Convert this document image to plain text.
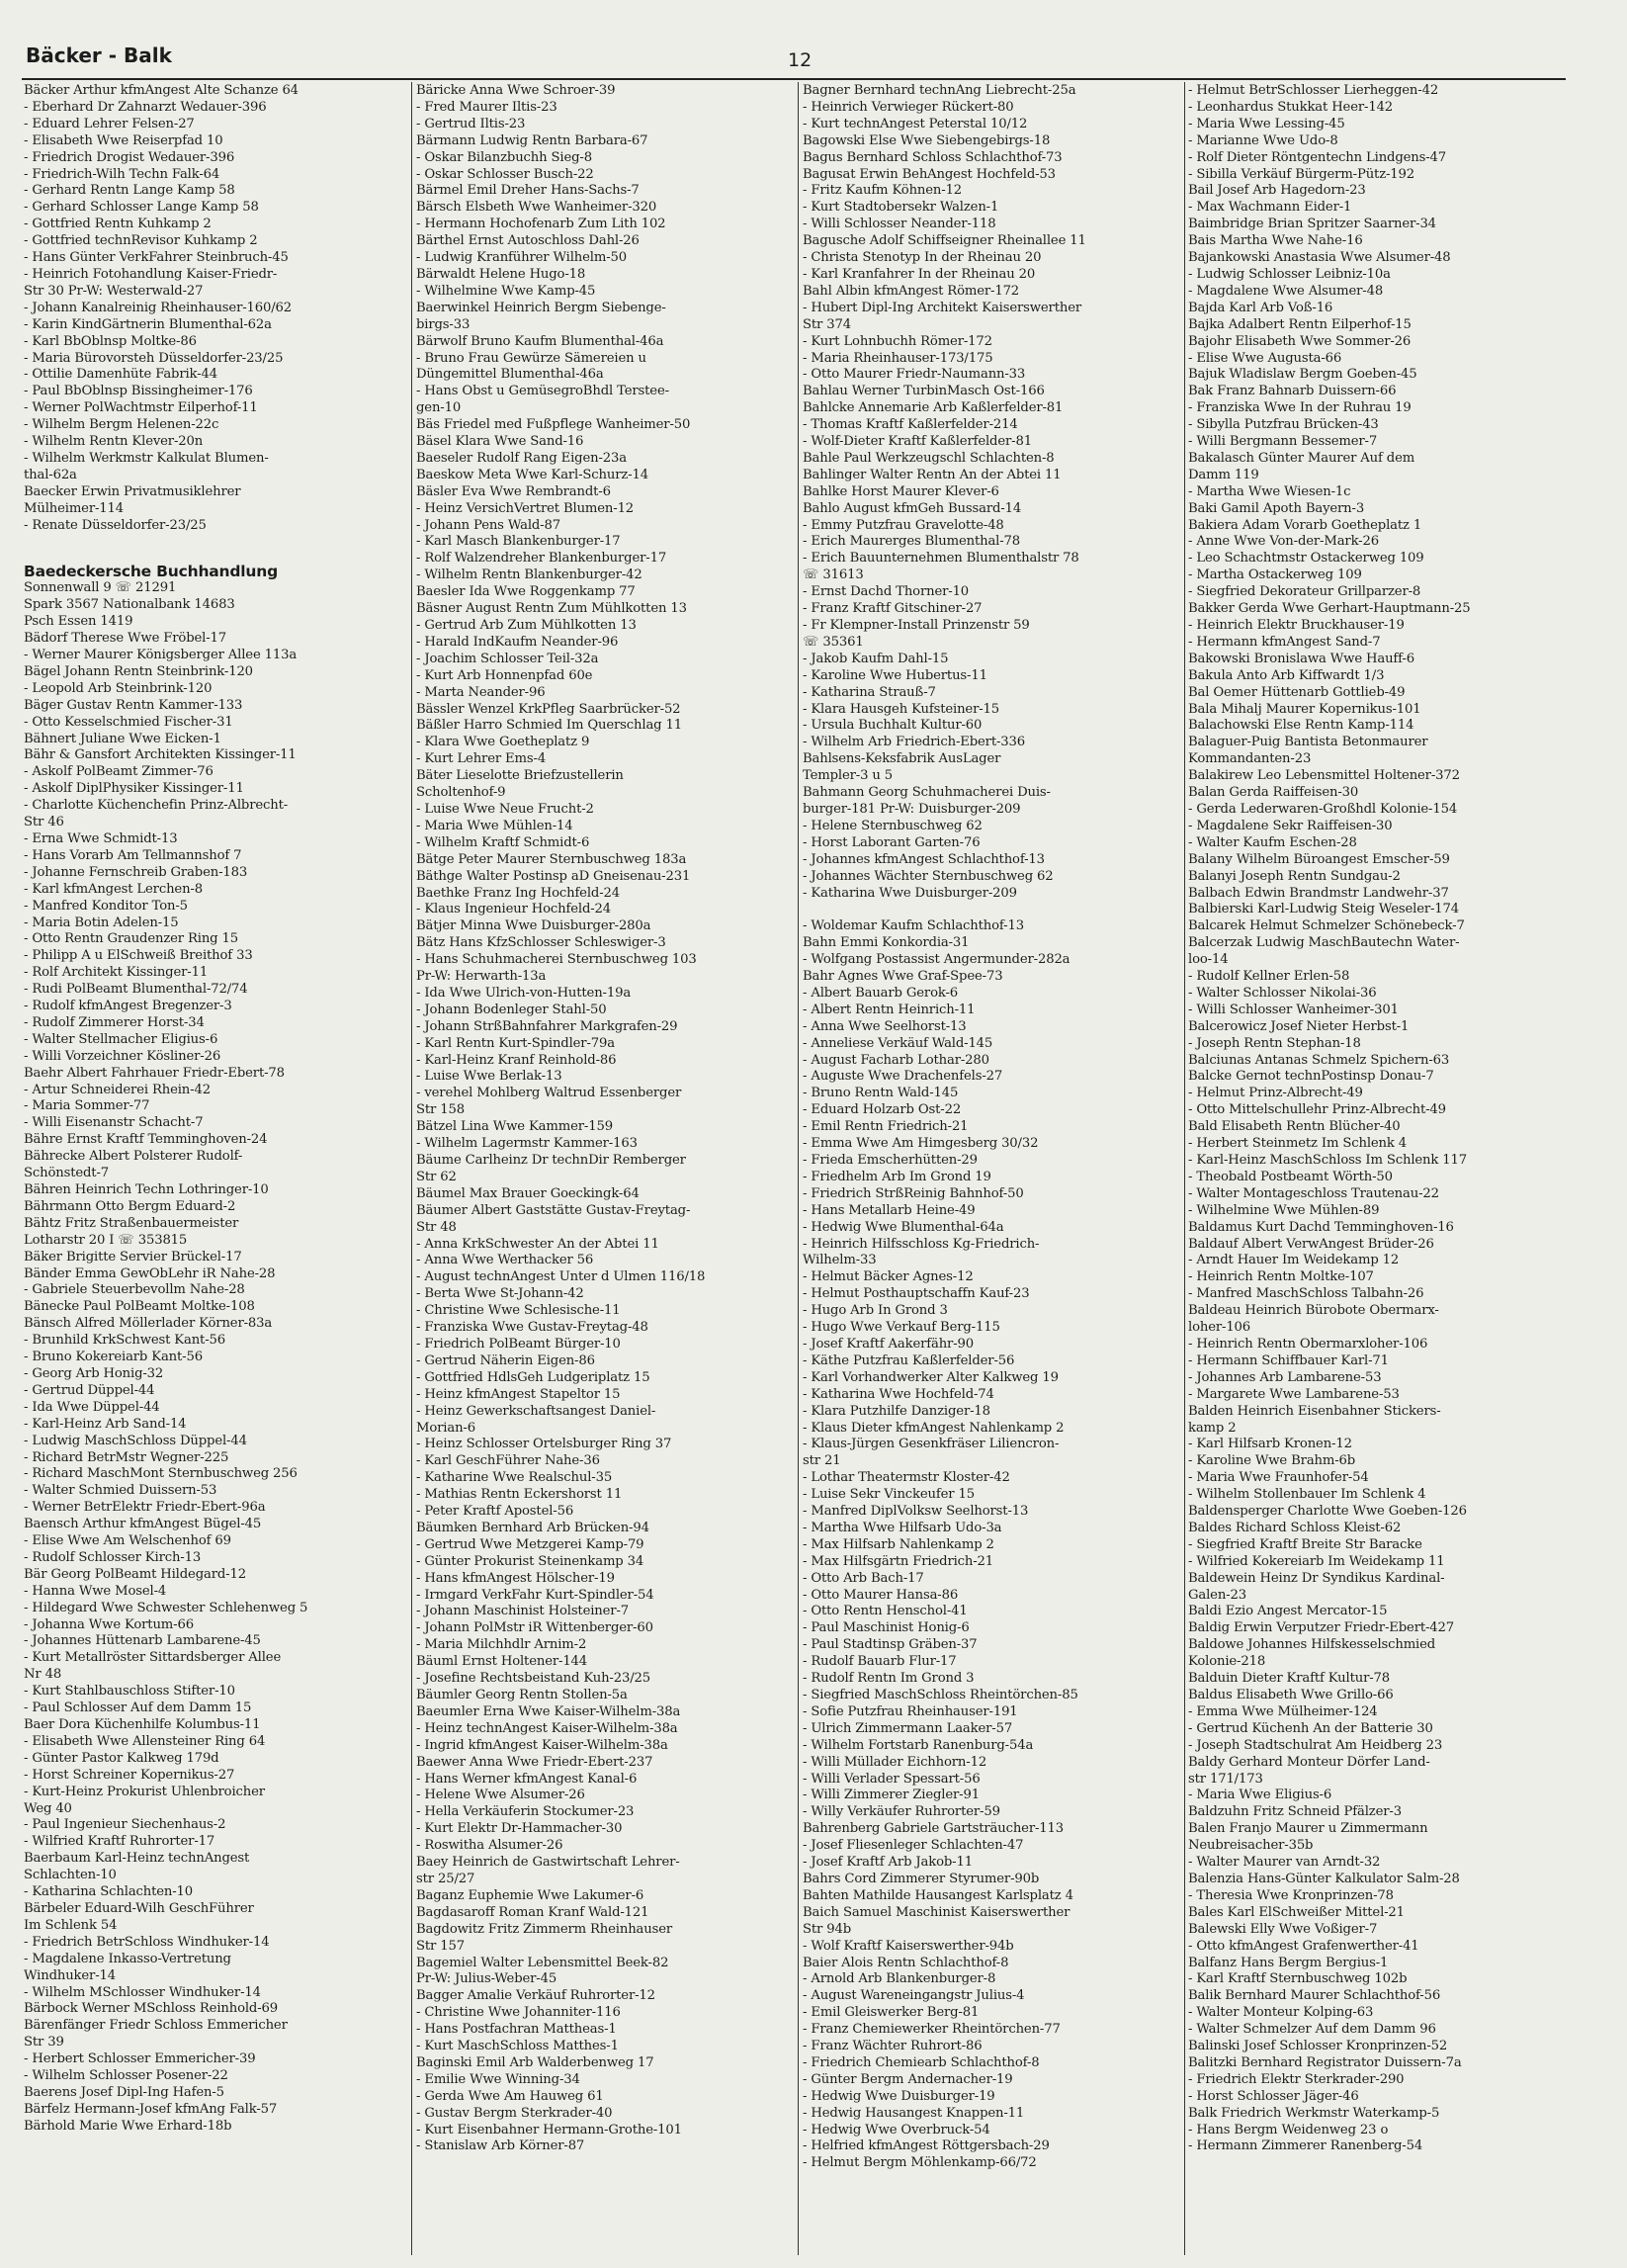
Bäcker - Balk	12
Bäcker Arthur kfmAngest Alte Schanze 64
- Eberhard Dr Zahnarzt Wedauer-396
- Eduard Lehrer Felsen-27
- Elisabeth Wwe Reiserpfad 10
- Friedrich Drogist Wedauer-396
- Friedrich-Wilh Techn Falk-64
- Gerhard Rentn Lange Kamp 58
- Gerhard Schlosser Lange Kamp 58
- Gottfried Rentn Kuhkamp 2
- Gottfried technRevisor Kuhkamp 2
- Hans Günter VerkFahrer Steinbruch-45
- Heinrich Fotohandlung Kaiser-Friedr-
Str 30 Pr-W: Westerwald-27
- Johann Kanalreinig Rheinhauser-160/62
- Karin KindGärtnerin Blumenthal-62a
- Karl BbOblnsp Moltke-86
- Maria Bürovorsteh Düsseldorfer-23/25
- Ottilie Damenhüte Fabrik-44
- Paul BbOblnsp Bissingheimer-176
- Werner PolWachtmstr Eilperhof-11
- Wilhelm Bergm Helenen-22c
- Wilhelm Rentn Klever-20n
- Wilhelm Werkmstr Kalkulat Blumen-
thal-62a
Baecker Erwin Privatmusiklehrer
Mülheimer-114
- Renate Düsseldorfer-23/25
Baedeckersche Buchhandlung
Sonnenwall 9 ☏ 21291
Spark 3567 Nationalbank 14683
Psch Essen 1419
Bädorf Therese Wwe Fröbel-17
- Werner Maurer Königsberger Allee 113a
Bägel Johann Rentn Steinbrink-120
- Leopold Arb Steinbrink-120
Bäger Gustav Rentn Kammer-133
- Otto Kesselschmied Fischer-31
Bähnert Juliane Wwe Eicken-1
Bähr & Gansfort Architekten Kissinger-11
- Askolf PolBeamt Zimmer-76
- Askolf DiplPhysiker Kissinger-11
- Charlotte Küchenchefin Prinz-Albrecht-
Str 46
- Erna Wwe Schmidt-13
- Hans Vorarb Am Tellmannshof 7
- Johanne Fernschreib Graben-183
- Karl kfmAngest Lerchen-8
- Manfred Konditor Ton-5
- Maria Botin Adelen-15
- Otto Rentn Graudenzer Ring 15
- Philipp A u ElSchweiß Breithof 33
- Rolf Architekt Kissinger-11
- Rudi PolBeamt Blumenthal-72/74
- Rudolf kfmAngest Bregenzer-3
- Rudolf Zimmerer Horst-34
- Walter Stellmacher Eligius-6
- Willi Vorzeichner Kösliner-26
Baehr Albert Fahrhauer Friedr-Ebert-78
- Artur Schneiderei Rhein-42
- Maria Sommer-77
- Willi Eisenanstr Schacht-7
Bähre Ernst Kraftf Temminghoven-24
Bährecke Albert Polsterer Rudolf-
Schönstedt-7
Bähren Heinrich Techn Lothringer-10
Bährmann Otto Bergm Eduard-2
Bähtz Fritz Straßenbauermeister
Lotharstr 20 I ☏ 353815
Bäker Brigitte Servier Brückel-17
Bänder Emma GewObLehr iR Nahe-28
- Gabriele Steuerbevollm Nahe-28
Bänecke Paul PolBeamt Moltke-108
Bänsch Alfred Möllerlader Körner-83a
- Brunhild KrkSchwest Kant-56
- Bruno Kokereiarb Kant-56
- Georg Arb Honig-32
- Gertrud Düppel-44
- Ida Wwe Düppel-44
- Karl-Heinz Arb Sand-14
- Ludwig MaschSchloss Düppel-44
- Richard BetrMstr Wegner-225
- Richard MaschMont Sternbuschweg 256
- Walter Schmied Duissern-53
- Werner BetrElektr Friedr-Ebert-96a
Baensch Arthur kfmAngest Bügel-45
- Elise Wwe Am Welschenhof 69
- Rudolf Schlosser Kirch-13
Bär Georg PolBeamt Hildegard-12
- Hanna Wwe Mosel-4
- Hildegard Wwe Schwester Schlehenweg 5
- Johanna Wwe Kortum-66
- Johannes Hüttenarb Lambarene-45
- Kurt Metallröster Sittardsberger Allee
Nr 48
- Kurt Stahlbauschloss Stifter-10
- Paul Schlosser Auf dem Damm 15
Baer Dora Küchenhilfe Kolumbus-11
- Elisabeth Wwe Allensteiner Ring 64
- Günter Pastor Kalkweg 179d
- Horst Schreiner Kopernikus-27
- Kurt-Heinz Prokurist Uhlenbroicher
Weg 40
- Paul Ingenieur Siechenhaus-2
- Wilfried Kraftf Ruhrorter-17
Baerbaum Karl-Heinz technAngest
Schlachten-10
- Katharina Schlachten-10
Bärbeler Eduard-Wilh GeschFührer
Im Schlenk 54
- Friedrich BetrSchloss Windhuker-14
- Magdalene Inkasso-Vertretung
Windhuker-14
- Wilhelm MSchlosser Windhuker-14
Bärbock Werner MSchloss Reinhold-69
Bärenfänger Friedr Schloss Emmericher
Str 39
- Herbert Schlosser Emmericher-39
- Wilhelm Schlosser Posener-22
Baerens Josef Dipl-Ing Hafen-5
Bärfelz Hermann-Josef kfmAng Falk-57
Bärhold Marie Wwe Erhard-18b
Bäricke Anna Wwe Schroer-39
- Fred Maurer Iltis-23
- Gertrud Iltis-23
Bärmann Ludwig Rentn Barbara-67
- Oskar Bilanzbuchh Sieg-8
- Oskar Schlosser Busch-22
Bärmel Emil Dreher Hans-Sachs-7
Bärsch Elsbeth Wwe Wanheimer-320
- Hermann Hochofenarb Zum Lith 102
Bärthel Ernst Autoschloss Dahl-26
- Ludwig Kranführer Wilhelm-50
Bärwaldt Helene Hugo-18
- Wilhelmine Wwe Kamp-45
Baerwinkel Heinrich Bergm Siebenge-
birgs-33
Bärwolf Bruno Kaufm Blumenthal-46a
- Bruno Frau Gewürze Sämereien u
Düngemittel Blumenthal-46a
- Hans Obst u GemüsegroBhdl Terstee-
gen-10
Bäs Friedel med Fußpflege Wanheimer-50
Bäsel Klara Wwe Sand-16
Baeseler Rudolf Rang Eigen-23a
Baeskow Meta Wwe Karl-Schurz-14
Bäsler Eva Wwe Rembrandt-6
- Heinz VersichVertret Blumen-12
- Johann Pens Wald-87
- Karl Masch Blankenburger-17
- Rolf Walzendreher Blankenburger-17
- Wilhelm Rentn Blankenburger-42
Baesler Ida Wwe Roggenkamp 77
Bäsner August Rentn Zum Mühlkotten 13
- Gertrud Arb Zum Mühlkotten 13
- Harald IndKaufm Neander-96
- Joachim Schlosser Teil-32a
- Kurt Arb Honnenpfad 60e
- Marta Neander-96
Bässler Wenzel KrkPfleg Saarbrücker-52
Bäßler Harro Schmied Im Querschlag 11
- Klara Wwe Goetheplatz 9
- Kurt Lehrer Ems-4
Bäter Lieselotte Briefzustellerin
Scholtenhof-9
- Luise Wwe Neue Frucht-2
- Maria Wwe Mühlen-14
- Wilhelm Kraftf Schmidt-6
Bätge Peter Maurer Sternbuschweg 183a
Bäthge Walter Postinsp aD Gneisenau-231
Baethke Franz Ing Hochfeld-24
- Klaus Ingenieur Hochfeld-24
Bätjer Minna Wwe Duisburger-280a
Bätz Hans KfzSchlosser Schleswiger-3
- Hans Schuhmacherei Sternbuschweg 103
Pr-W: Herwarth-13a
- Ida Wwe Ulrich-von-Hutten-19a
- Johann Bodenleger Stahl-50
- Johann StrßBahnfahrer Markgrafen-29
- Karl Rentn Kurt-Spindler-79a
- Karl-Heinz Kranf Reinhold-86
- Luise Wwe Berlak-13
- verehel Mohlberg Waltrud Essenberger
Str 158
Bätzel Lina Wwe Kammer-159
- Wilhelm Lagermstr Kammer-163
Bäume Carlheinz Dr technDir Remberger
Str 62
Bäumel Max Brauer Goeckingk-64
Bäumer Albert Gaststätte Gustav-Freytag-
Str 48
- Anna KrkSchwester An der Abtei 11
- Anna Wwe Werthacker 56
- August technAngest Unter d Ulmen 116/18
- Berta Wwe St-Johann-42
- Christine Wwe Schlesische-11
- Franziska Wwe Gustav-Freytag-48
- Friedrich PolBeamt Bürger-10
- Gertrud Näherin Eigen-86
- Gottfried HdlsGeh Ludgeriplatz 15
- Heinz kfmAngest Stapeltor 15
- Heinz Gewerkschaftsangest Daniel-
Morian-6
- Heinz Schlosser Ortelsburger Ring 37
- Karl GeschFührer Nahe-36
- Katharine Wwe Realschul-35
- Mathias Rentn Eckershorst 11
- Peter Kraftf Apostel-56
Bäumken Bernhard Arb Brücken-94
- Gertrud Wwe Metzgerei Kamp-79
- Günter Prokurist Steinenkamp 34
- Hans kfmAngest Hölscher-19
- Irmgard VerkFahr Kurt-Spindler-54
- Johann Maschinist Holsteiner-7
- Johann PolMstr iR Wittenberger-60
- Maria Milchhdlr Arnim-2
Bäuml Ernst Holtener-144
- Josefine Rechtsbeistand Kuh-23/25
Bäumler Georg Rentn Stollen-5a
Baeumler Erna Wwe Kaiser-Wilhelm-38a
- Heinz technAngest Kaiser-Wilhelm-38a
- Ingrid kfmAngest Kaiser-Wilhelm-38a
Baewer Anna Wwe Friedr-Ebert-237
- Hans Werner kfmAngest Kanal-6
- Helene Wwe Alsumer-26
- Hella Verkäuferin Stockumer-23
- Kurt Elektr Dr-Hammacher-30
- Roswitha Alsumer-26
Baey Heinrich de Gastwirtschaft Lehrer-
str 25/27
Baganz Euphemie Wwe Lakumer-6
Bagdasaroff Roman Kranf Wald-121
Bagdowitz Fritz Zimmerm Rheinhauser
Str 157
Bagemiel Walter Lebensmittel Beek-82
Pr-W: Julius-Weber-45
Bagger Amalie Verkäuf Ruhrorter-12
- Christine Wwe Johanniter-116
- Hans Postfachran Mattheas-1
- Kurt MaschSchloss Matthes-1
Baginski Emil Arb Walderbenweg 17
- Emilie Wwe Winning-34
- Gerda Wwe Am Hauweg 61
- Gustav Bergm Sterkrader-40
- Kurt Eisenbahner Hermann-Grothe-101
- Stanislaw Arb Körner-87
Bagner Bernhard technAng Liebrecht-25a
- Heinrich Verwieger Rückert-80
- Kurt technAngest Peterstal 10/12
Bagowski Else Wwe Siebengebirgs-18
Bagus Bernhard Schloss Schlachthof-73
Bagusat Erwin BehAngest Hochfeld-53
- Fritz Kaufm Köhnen-12
- Kurt Stadtobersekr Walzen-1
- Willi Schlosser Neander-118
Bagusche Adolf Schiffseigner Rheinallee 11
- Christa Stenotyp In der Rheinau 20
- Karl Kranfahrer In der Rheinau 20
Bahl Albin kfmAngest Römer-172
- Hubert Dipl-Ing Architekt Kaiserswerther
Str 374
- Kurt Lohnbuchh Römer-172
- Maria Rheinhauser-173/175
- Otto Maurer Friedr-Naumann-33
Bahlau Werner TurbinMasch Ost-166
Bahlcke Annemarie Arb Kaßlerfelder-81
- Thomas Kraftf Kaßlerfelder-214
- Wolf-Dieter Kraftf Kaßlerfelder-81
Bahle Paul Werkzeugschl Schlachten-8
Bahlinger Walter Rentn An der Abtei 11
Bahlke Horst Maurer Klever-6
Bahlo August kfmGeh Bussard-14
- Emmy Putzfrau Gravelotte-48
- Erich Maurerges Blumenthal-78
- Erich Bauunternehmen Blumenthalstr 78
☏ 31613
- Ernst Dachd Thorner-10
- Franz Kraftf Gitschiner-27
- Fr Klempner-Install Prinzenstr 59
☏ 35361
- Jakob Kaufm Dahl-15
- Karoline Wwe Hubertus-11
- Katharina Strauß-7
- Klara Hausgeh Kufsteiner-15
- Ursula Buchhalt Kultur-60
- Wilhelm Arb Friedrich-Ebert-336
Bahlsens-Keksfabrik AusLager
Templer-3 u 5
Bahmann Georg Schuhmacherei Duis-
burger-181 Pr-W: Duisburger-209
- Helene Sternbuschweg 62
- Horst Laborant Garten-76
- Johannes kfmAngest Schlachthof-13
- Johannes Wächter Sternbuschweg 62
- Katharina Wwe Duisburger-209

- Woldemar Kaufm Schlachthof-13
Bahn Emmi Konkordia-31
- Wolfgang Postassist Angermunder-282a
Bahr Agnes Wwe Graf-Spee-73
- Albert Bauarb Gerok-6
- Albert Rentn Heinrich-11
- Anna Wwe Seelhorst-13
- Anneliese Verkäuf Wald-145
- August Facharb Lothar-280
- Auguste Wwe Drachenfels-27
- Bruno Rentn Wald-145
- Eduard Holzarb Ost-22
- Emil Rentn Friedrich-21
- Emma Wwe Am Himgesberg 30/32
- Frieda Emscherhütten-29
- Friedhelm Arb Im Grond 19
- Friedrich StrßReinig Bahnhof-50
- Hans Metallarb Heine-49
- Hedwig Wwe Blumenthal-64a
- Heinrich Hilfsschloss Kg-Friedrich-
Wilhelm-33
- Helmut Bäcker Agnes-12
- Helmut Posthauptschaffn Kauf-23
- Hugo Arb In Grond 3
- Hugo Wwe Verkauf Berg-115
- Josef Kraftf Aakerfähr-90
- Käthe Putzfrau Kaßlerfelder-56
- Karl Vorhandwerker Alter Kalkweg 19
- Katharina Wwe Hochfeld-74
- Klara Putzhilfe Danziger-18
- Klaus Dieter kfmAngest Nahlenkamp 2
- Klaus-Jürgen Gesenkfräser Liliencron-
str 21
- Lothar Theatermstr Kloster-42
- Luise Sekr Vinckeufer 15
- Manfred DiplVolksw Seelhorst-13
- Martha Wwe Hilfsarb Udo-3a
- Max Hilfsarb Nahlenkamp 2
- Max Hilfsgärtn Friedrich-21
- Otto Arb Bach-17
- Otto Maurer Hansa-86
- Otto Rentn Henschol-41
- Paul Maschinist Honig-6
- Paul Stadtinsp Gräben-37
- Rudolf Bauarb Flur-17
- Rudolf Rentn Im Grond 3
- Siegfried MaschSchloss Rheintörchen-85
- Sofie Putzfrau Rheinhauser-191
- Ulrich Zimmermann Laaker-57
- Wilhelm Fortstarb Ranenburg-54a
- Willi Müllader Eichhorn-12
- Willi Verlader Spessart-56
- Willi Zimmerer Ziegler-91
- Willy Verkäufer Ruhrorter-59
Bahrenberg Gabriele Gartsträucher-113
- Josef Fliesenleger Schlachten-47
- Josef Kraftf Arb Jakob-11
Bahrs Cord Zimmerer Styrumer-90b
Bahten Mathilde Hausangest Karlsplatz 4
Baich Samuel Maschinist Kaiserswerther
Str 94b
- Wolf Kraftf Kaiserswerther-94b
Baier Alois Rentn Schlachthof-8
- Arnold Arb Blankenburger-8
- August Wareneingangstr Julius-4
- Emil Gleiswerker Berg-81
- Franz Chemiewerker Rheintörchen-77
- Franz Wächter Ruhrort-86
- Friedrich Chemiearb Schlachthof-8
- Günter Bergm Andernacher-19
- Hedwig Wwe Duisburger-19
- Hedwig Hausangest Knappen-11
- Hedwig Wwe Overbruck-54
- Helfried kfmAngest Röttgersbach-29
- Helmut Bergm Möhlenkamp-66/72
- Helmut BetrSchlosser Lierheggen-42
- Leonhardus Stukkat Heer-142
- Maria Wwe Lessing-45
- Marianne Wwe Udo-8
- Rolf Dieter Röntgentechn Lindgens-47
- Sibilla Verkäuf Bürgerm-Pütz-192
Bail Josef Arb Hagedorn-23
- Max Wachmann Eider-1
Baimbridge Brian Spritzer Saarner-34
Bais Martha Wwe Nahe-16
Bajankowski Anastasia Wwe Alsumer-48
- Ludwig Schlosser Leibniz-10a
- Magdalene Wwe Alsumer-48
Bajda Karl Arb Voß-16
Bajka Adalbert Rentn Eilperhof-15
Bajohr Elisabeth Wwe Sommer-26
- Elise Wwe Augusta-66
Bajuk Wladislaw Bergm Goeben-45
Bak Franz Bahnarb Duissern-66
- Franziska Wwe In der Ruhrau 19
- Sibylla Putzfrau Brücken-43
- Willi Bergmann Bessemer-7
Bakalasch Günter Maurer Auf dem
Damm 119
- Martha Wwe Wiesen-1c
Baki Gamil Apoth Bayern-3
Bakiera Adam Vorarb Goetheplatz 1
- Anne Wwe Von-der-Mark-26
- Leo Schachtmstr Ostackerweg 109
- Martha Ostackerweg 109
- Siegfried Dekorateur Grillparzer-8
Bakker Gerda Wwe Gerhart-Hauptmann-25
- Heinrich Elektr Bruckhauser-19
- Hermann kfmAngest Sand-7
Bakowski Bronislawa Wwe Hauff-6
Bakula Anto Arb Kiffwardt 1/3
Bal Oemer Hüttenarb Gottlieb-49
Bala Mihalj Maurer Kopernikus-101
Balachowski Else Rentn Kamp-114
Balaguer-Puig Bantista Betonmaurer
Kommandanten-23
Balakirew Leo Lebensmittel Holtener-372
Balan Gerda Raiffeisen-30
- Gerda Lederwaren-Großhdl Kolonie-154
- Magdalene Sekr Raiffeisen-30
- Walter Kaufm Eschen-28
Balany Wilhelm Büroangest Emscher-59
Balanyi Joseph Rentn Sundgau-2
Balbach Edwin Brandmstr Landwehr-37
Balbierski Karl-Ludwig Steig Weseler-174
Balcarek Helmut Schmelzer Schönebeck-7
Balcerzak Ludwig MaschBautechn Water-
loo-14
- Rudolf Kellner Erlen-58
- Walter Schlosser Nikolai-36
- Willi Schlosser Wanheimer-301
Balcerowicz Josef Nieter Herbst-1
- Joseph Rentn Stephan-18
Balciunas Antanas Schmelz Spichern-63
Balcke Gernot technPostinsp Donau-7
- Helmut Prinz-Albrecht-49
- Otto Mittelschullehr Prinz-Albrecht-49
Bald Elisabeth Rentn Blücher-40
- Herbert Steinmetz Im Schlenk 4
- Karl-Heinz MaschSchloss Im Schlenk 117
- Theobald Postbeamt Wörth-50
- Walter Montageschloss Trautenau-22
- Wilhelmine Wwe Mühlen-89
Baldamus Kurt Dachd Temminghoven-16
Baldauf Albert VerwAngest Brüder-26
- Arndt Hauer Im Weidekamp 12
- Heinrich Rentn Moltke-107
- Manfred MaschSchloss Talbahn-26
Baldeau Heinrich Bürobote Obermarx-
loher-106
- Heinrich Rentn Obermarxloher-106
- Hermann Schiffbauer Karl-71
- Johannes Arb Lambarene-53
- Margarete Wwe Lambarene-53
Balden Heinrich Eisenbahner Stickers-
kamp 2
- Karl Hilfsarb Kronen-12
- Karoline Wwe Brahm-6b
- Maria Wwe Fraunhofer-54
- Wilhelm Stollenbauer Im Schlenk 4
Baldensperger Charlotte Wwe Goeben-126
Baldes Richard Schloss Kleist-62
- Siegfried Kraftf Breite Str Baracke
- Wilfried Kokereiarb Im Weidekamp 11
Baldewein Heinz Dr Syndikus Kardinal-
Galen-23
Baldi Ezio Angest Mercator-15
Baldig Erwin Verputzer Friedr-Ebert-427
Baldowe Johannes Hilfskesselschmied
Kolonie-218
Balduin Dieter Kraftf Kultur-78
Baldus Elisabeth Wwe Grillo-66
- Emma Wwe Mülheimer-124
- Gertrud Küchenh An der Batterie 30
- Joseph Stadtschulrat Am Heidberg 23
Baldy Gerhard Monteur Dörfer Land-
str 171/173
- Maria Wwe Eligius-6
Baldzuhn Fritz Schneid Pfälzer-3
Balen Franjo Maurer u Zimmermann
Neubreisacher-35b
- Walter Maurer van Arndt-32
Balenzia Hans-Günter Kalkulator Salm-28
- Theresia Wwe Kronprinzen-78
Bales Karl ElSchweißer Mittel-21
Balewski Elly Wwe Voßiger-7
- Otto kfmAngest Grafenwerther-41
Balfanz Hans Bergm Bergius-1
- Karl Kraftf Sternbuschweg 102b
Balik Bernhard Maurer Schlachthof-56
- Walter Monteur Kolping-63
- Walter Schmelzer Auf dem Damm 96
Balinski Josef Schlosser Kronprinzen-52
Balitzki Bernhard Registrator Duissern-7a
- Friedrich Elektr Sterkrader-290
- Horst Schlosser Jäger-46
Balk Friedrich Werkmstr Waterkamp-5
- Hans Bergm Weidenweg 23 o
- Hermann Zimmerer Ranenberg-54
